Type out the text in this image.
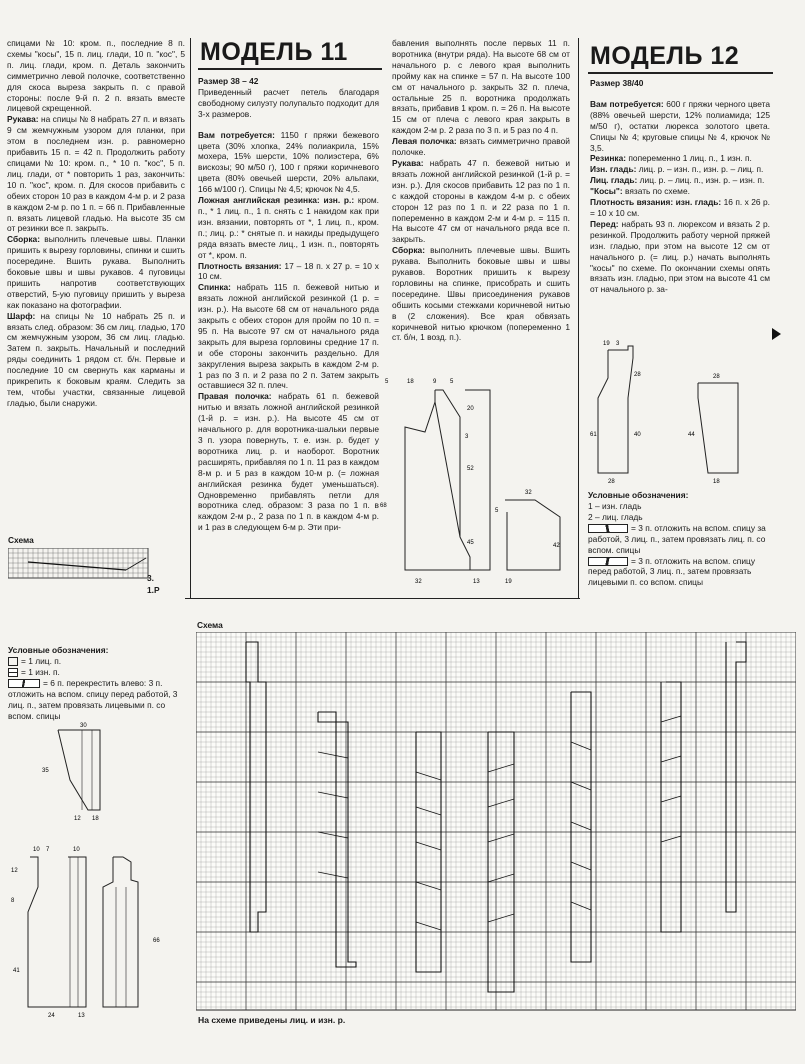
спицами № 10: кром. п., последние 8 п. схемы "косы", 15 п. лиц. глади, 10 п. "кос", 5 п. лиц. глади, кром. п. Деталь закончить симметрично левой полочке, соответственно для скоса выреза закрыть п. с правой стороны: после 9-й п. 2 п. вязать вместе лицевой скрещенной.

Рукава: на спицы № 8 набрать 27 п. и вязать 9 см жемчужным узором для планки, при этом в последнем изн. р. равномерно прибавить 15 п. = 42 п. Продолжить работу спицами № 10: кром. п., * 10 п. "кос", 5 п. лиц. глади, от * повторить 1 раз, закончить: 10 п. "кос", кром. п. Для скосов прибавить с обеих сторон 10 раз в каждом 4-м р. и 2 раза в каждом 2-м р. по 1 п. = 66 п. Прибавленные п. вязать лицевой гладью. На высоте 35 см от резинки все п. закрыть.

Сборка: выполнить плечевые швы. Планки пришить к вырезу горловины, спинки и сшить посередине. Вшить рукава. Выполнить боковые швы и швы рукавов. 4 пуговицы пришить напротив соответствующих отверстий, 5-ую пуговицу пришить у выреза как показано на фотографии.

Шарф: на спицы № 10 набрать 25 п. и вязать след. образом: 36 см лиц. гладью, 170 см жемчужным узором, 36 см лиц. гладью. Затем п. закрыть. Начальный и последний ряды соединить 1 рядом ст. б/н. Первые и последние 10 см свернуть как карманы и прикрепить к боковым краям. Следить за тем, чтобы участки, связанные лицевой гладью, были снаружи.

Схема
3.
1.Р
Условные обозначения:
= 1 лиц. п.
= 1 изн. п.
= 6 п. перекрестить влево: 3 п. отложить на вспом. спицу перед работой, 3 лиц. п., затем провязать лицевыми п. со вспом. спицы
30
35
12 18
10 7	10
12
8
41
66
24	13
МОДЕЛЬ 11

Размер 38 – 42

Приведенный расчет петель благодаря свободному силуэту полупальто подходит для 3-х размеров.

Вам потребуется: 1150 г пряжи бежевого цвета (30% хлопка, 24% полиакрила, 15% мохера, 15% шерсти, 10% полиэстера, 6% вискозы; 90 м/50 г), 100 г пряжи коричневого цвета (80% овечьей шерсти, 20% альпаки, 166 м/100 г). Спицы № 4,5; крючок № 4,5.

Ложная английская резинка: изн. р.: кром. п., * 1 лиц. п., 1 п. снять с 1 накидом как при изн. вязании, повторять от *, 1 лиц. п., кром. п.; лиц. р.: * снятые п. и накиды предыдущего ряда вязать вместе лиц., 1 изн. п., повторять от *, кром. п.

Плотность вязания: 17 – 18 п. х 27 р. = 10 х 10 см.

Спинка: набрать 115 п. бежевой нитью и вязать ложной английской резинкой (1 р. = изн. р.). На высоте 68 см от начального ряда закрыть с обеих сторон для пройм по 10 п. = 95 п. На высоте 97 см от начального ряда закрыть для выреза горловины средние 17 п. и обе стороны закончить раздельно. Для закругления выреза закрыть в каждом 2-м р. 1 раз по 3 п. и 2 раза по 2 п. Затем закрыть оставшиеся 32 п. плеч.

Правая полочка: набрать 61 п. бежевой нитью и вязать ложной английской резинкой (1-й р. = изн. р.). На высоте 45 см от начального р. для воротника-шальки первые 3 п. узора повернуть, т. е. изн. р. будет у воротника лиц. р. и наоборот. Воротник расширять, прибавляя по 1 п. 11 раз в каждом 8-м р. и 5 раз в каждом 10-м р. (= ложная английская резинка будет уменьшаться). Одновременно прибавлять петли для воротника след. образом: 3 раза по 1 п. в каждом 2-м р., 2 раза по 1 п. в каждом 4-м р. и 1 раз в следующем 6-м р. Эти при-

бавления выполнять после первых 11 п. воротника (внутри ряда). На высоте 68 см от начального р. с левого края выполнить пройму как на спинке = 57 п. На высоте 100 см от начального р. закрыть 32 п. плеча, остальные 25 п. воротника продолжать вязать, прибавив 1 кром. п. = 26 п. На высоте 15 см от плеча с левого края закрыть в каждом 2-м р. 2 раза по 3 п. и 5 раз по 4 п.

Левая полочка: вязать симметрично правой полочке.

Рукава: набрать 47 п. бежевой нитью и вязать ложной английской резинкой (1-й р. = изн. р.). Для скосов прибавить 12 раз по 1 п. с каждой стороны в каждом 4-м р. с обеих сторон 12 раз по 1 п. и 22 раза по 1 п. попеременно в каждом 2-м и 4-м р. = 115 п. На высоте 47 см от начального ряда все п. закрыть.

Сборка: выполнить плечевые швы. Вшить рукава. Выполнить боковые швы и швы рукавов. Воротник пришить к вырезу горловины на спинке, присобрать и сшить посередине. Швы присоединения рукавов обшить косыми стежками коричневой нитью в (2 сложения). Все края обвязать коричневой нитью крючком (попеременно 1 ст. б/н, 1 возд. п.).

5	18	9 5
20
3
52
68
45
32	13	19
32
42
5
МОДЕЛЬ 12

Размер 38/40

Вам потребуется: 600 г пряжи черного цвета (88% овечьей шерсти, 12% полиамида; 125 м/50 г), остатки люрекса золотого цвета. Спицы № 4; круговые спицы № 4, крючок № 3,5.

Резинка: попеременно 1 лиц. п., 1 изн. п.

Изн. гладь: лиц. р. – изн. п., изн. р. – лиц. п.

Лиц. гладь: лиц. р. – лиц. п., изн. р. – изн. п.

"Косы": вязать по схеме.

Плотность вязания: изн. гладь: 16 п. х 26 р. = 10 х 10 см.

Перед: набрать 93 п. люрексом и вязать 2 р. резинкой. Продолжить работу черной пряжей изн. гладью, при этом на высоте 12 см от начального р. (= лиц. р.) начать выполнять "косы" по схеме. По окончании схемы опять вязать изн. гладью, при этом на высоте 41 см от начального р. за-

19 3
28
61	40
28	18
28
44
Условные обозначения:
1 – изн. гладь
2 – лиц. гладь
= 3 п. отложить на вспом. спицу за работой, 3 лиц. п., затем провязать лиц. п. со вспом. спицы
= 3 п. отложить на вспом. спицу перед работой, 3 лиц. п., затем провязать лицевыми п. со вспом. спицы
Схема
На схеме приведены лиц. и изн. р.
